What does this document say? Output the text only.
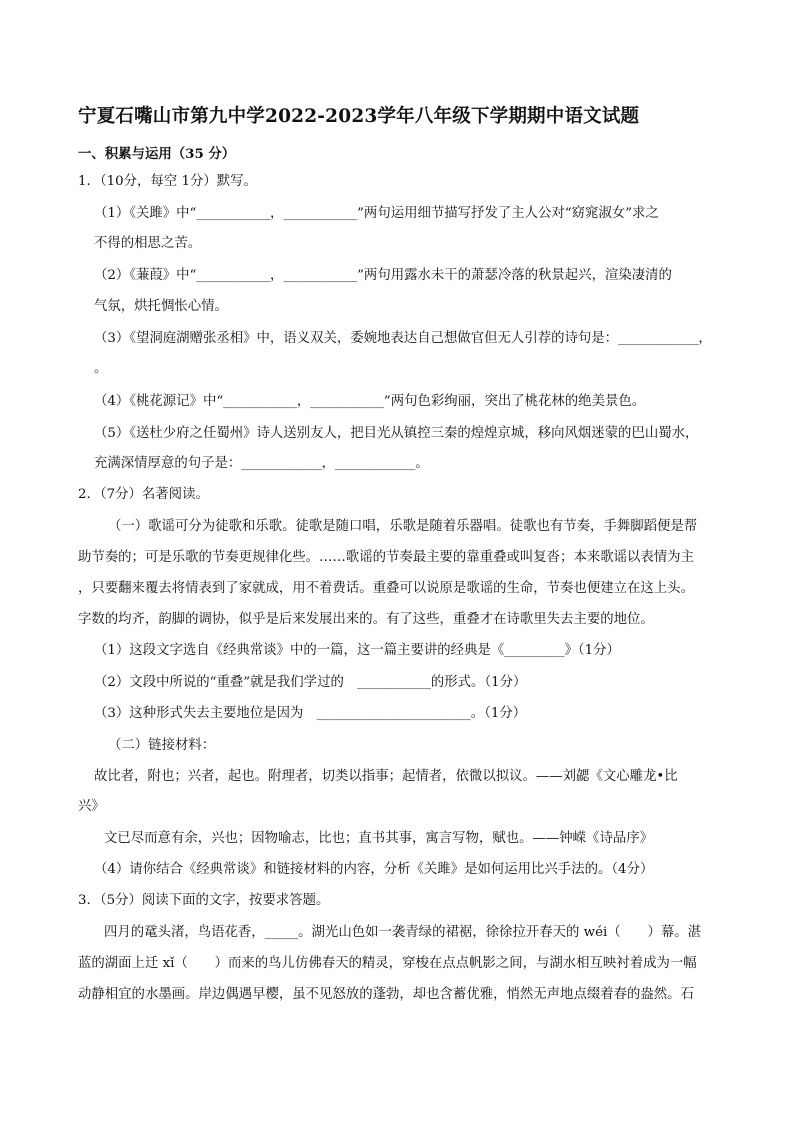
宁夏石嘴山市第九中学2022-2023学年八年级下学期期中语文试题
一、积累与运用（35 分）
1．（10分，每空 1分）默写。
（1）《关雎》中“___________，___________”两句运用细节描写抒发了主人公对“窈窕淑女”求之
不得的相思之苦。
（2）《蒹葭》中“___________，___________”两句用露水未干的萧瑟冷落的秋景起兴，渲染凄清的
气氛，烘托惆怅心情。
（3）《望洞庭湖赠张丞相》中，语义双关，委婉地表达自己想做官但无人引荐的诗句是：____________，
。
（4）《桃花源记》中“___________，___________”两句色彩绚丽，突出了桃花林的绝美景色。
（5）《送杜少府之任蜀州》诗人送别友人，把目光从镇控三秦的煌煌京城，移向风烟迷蒙的巴山蜀水，
充满深情厚意的句子是：____________，____________。
2．（7分）名著阅读。
（一）歌谣可分为徒歌和乐歌。徒歌是随口唱，乐歌是随着乐器唱。徒歌也有节奏，手舞脚蹈便是帮
助节奏的；可是乐歌的节奏更规律化些。……歌谣的节奏最主要的靠重叠或叫复沓；本来歌谣以表情为主
，只要翻来覆去将情表到了家就成，用不着费话。重叠可以说原是歌谣的生命，节奏也便建立在这上头。
字数的均齐，韵脚的调协，似乎是后来发展出来的。有了这些，重叠才在诗歌里失去主要的地位。
（1）这段文字选自《经典常谈》中的一篇，这一篇主要讲的经典是《_________》（1分）
（2）文段中所说的“重叠”就是我们学过的　___________的形式。（1分）
（3）这种形式失去主要地位是因为　_______________________。（1分）
（二）链接材料：
故比者，附也；兴者，起也。附理者，切类以指事；起情者，依微以拟议。——刘勰《文心雕龙•比
兴》
文已尽而意有余，兴也；因物喻志，比也；直书其事，寓言写物，赋也。——钟嵘《诗品序》
（4）请你结合《经典常谈》和链接材料的内容，分析《关雎》是如何运用比兴手法的。（4分）
3．（5分）阅读下面的文字，按要求答题。
四月的鼋头渚，鸟语花香，_____。湖光山色如一袭青绿的裙裾，徐徐拉开春天的 wéi（　　）幕。湛
蓝的湖面上迁 xǐ（　　）而来的鸟儿仿佛春天的精灵，穿梭在点点帆影之间，与湖水相互映衬着成为一幅
动静相宜的水墨画。岸边偶遇早樱，虽不见怒放的蓬勃，却也含蓄优雅，悄然无声地点缀着春的盎然。石
